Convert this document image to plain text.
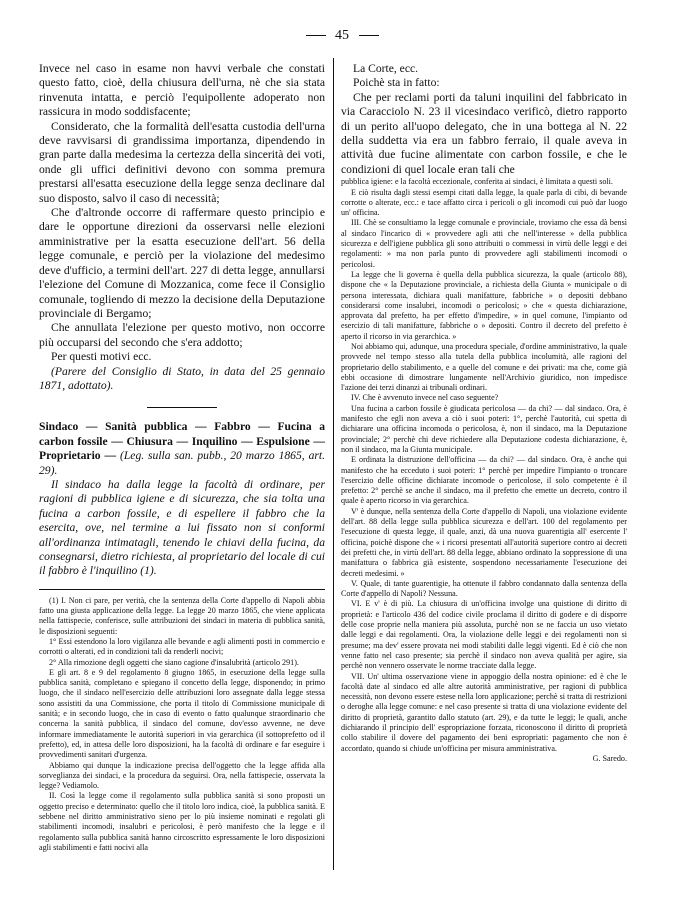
45

Invece nel caso in esame non havvi verbale che constati questo fatto, cioè, della chiusura dell'urna, nè che sia stata rinvenuta intatta, e perciò l'equipollente adoperato non rassicura in modo soddisfacente;

Considerato, che la formalità dell'esatta custodia dell'urna deve ravvisarsi di grandissima importanza, dipendendo in gran parte dalla medesima la certezza della sincerità dei voti, onde gli uffici definitivi devono con somma premura prestarsi all'esatta esecuzione della legge senza declinare dal suo disposto, salvo il caso di necessità;

Che d'altronde occorre di raffermare questo principio e dare le opportune direzioni da osservarsi nelle elezioni amministrative per la esatta esecuzione dell'art. 56 della legge comunale, e perciò per la violazione del medesimo deve d'ufficio, a termini dell'art. 227 di detta legge, annullarsi l'elezione del Comune di Mozzanica, come fece il Consiglio comunale, togliendo di mezzo la decisione della Deputazione provinciale di Bergamo;

Che annullata l'elezione per questo motivo, non occorre più occuparsi del secondo che s'era addotto;

Per questi motivi ecc.

(Parere del Consiglio di Stato, in data del 25 gennaio 1871, adottato).

Sindaco — Sanità pubblica — Fabbro — Fucina a carbon fossile — Chiusura — Inquilino — Espulsione — Proprietario — (Leg. sulla san. pubb., 20 marzo 1865, art. 29).

Il sindaco ha dalla legge la facoltà di ordinare, per ragioni di pubblica igiene e di sicurezza, che sia tolta una fucina a carbon fossile, e di espellere il fabbro che la esercita, ove, nel termine a lui fissato non si conformi all'ordinanza intimatagli, tenendo le chiavi della fucina, da consegnarsi, dietro richiesta, al proprietario del locale di cui il fabbro è l'inquilino (1).

(1) I. Non ci pare, per verità, che la sentenza della Corte d'appello di Napoli abbia fatto una giusta applicazione della legge. La legge 20 marzo 1865, che viene applicata nella fattispecie, conferisce, sulle attribuzioni dei sindaci in materia di pubblica sanità, le disposizioni seguenti:

1° Essi estendono la loro vigilanza alle bevande e agli alimenti posti in commercio e corrotti o alterati, ed in condizioni tali da renderli nocivi;

2° Alla rimozione degli oggetti che siano cagione d'insalubrità (articolo 291).

E gli art. 8 e 9 del regolamento 8 giugno 1865, in esecuzione della legge sulla pubblica sanità, completano e spiegano il concetto della legge, disponendo; in primo luogo, che il sindaco nell'esercizio delle attribuzioni loro assegnate dalla legge stessa sono assistiti da una Commissione, che porta il titolo di Commissione municipale di sanità; e in secondo luogo, che in caso di evento o fatto qualunque straordinario che concerna la sanità pubblica, il sindaco del comune, dov'esso avvenne, ne deve informare immediatamente le autorità superiori in via gerarchica (il sottoprefetto od il prefetto), ed, in attesa delle loro disposizioni, ha la facoltà di ordinare e far eseguire i provvedimenti sanitari d'urgenza.

Abbiamo qui dunque la indicazione precisa dell'oggetto che la legge affida alla sorveglianza dei sindaci, e la procedura da seguirsi. Ora, nella fattispecie, osservata la legge? Vediamolo.

II. Così la legge come il regolamento sulla pubblica sanità si sono proposti un oggetto preciso e determinato: quello che il titolo loro indica, cioè, la pubblica sanità. E sebbene nel diritto amministrativo sieno per lo più insieme nominati e regolati gli stabilimenti incomodi, insalubri e pericolosi, è però manifesto che la legge e il regolamento sulla pubblica sanità hanno circoscritto espressamente le loro disposizioni agli stabilimenti e fatti nocivi alla

La Corte, ecc.

Poichè sta in fatto:

Che per reclami porti da taluni inquilini del fabbricato in via Caracciolo N. 23 il vicesindaco verificò, dietro rapporto di un perito all'uopo delegato, che in una bottega al N. 22 della suddetta via era un fabbro ferraio, il quale aveva in attività due fucine alimentate con carbon fossile, e che le condizioni di quel locale eran tali che

pubblica igiene: e la facoltà eccezionale, conferita ai sindaci, è limitata a questi soli.

E ciò risulta dagli stessi esempi citati dalla legge, la quale parla di cibi, di bevande corrotte o alterate, ecc.: e tace affatto circa i pericoli o gli incomodi cui può dar luogo un' officina.

III. Chè se consultiamo la legge comunale e provinciale, troviamo che essa dà bensì al sindaco l'incarico di « provvedere agli atti che nell'interesse » della pubblica sicurezza e dell'igiene pubblica gli sono attribuiti o commessi in virtù delle leggi e dei regolamenti: » ma non parla punto di provvedere agli stabilimenti incomodi o pericolosi.

La legge che li governa è quella della pubblica sicurezza, la quale (articolo 88), dispone che « la Deputazione provinciale, a richiesta della Giunta » municipale o di persona interessata, dichiara quali manifatture, fabbriche » o depositi debbano considerarsi come insalubri, incomodi o pericolosi; » che « questa dichiarazione, approvata dal prefetto, ha per effetto d'impedire, » in quel comune, l'impianto od esercizio di tali manifatture, fabbriche o » depositi. Contro il decreto del prefetto è aperto il ricorso in via gerarchica. »

Noi abbiamo qui, adunque, una procedura speciale, d'ordine amministrativo, la quale provvede nel tempo stesso alla tutela della pubblica incolumità, alle ragioni del proprietario dello stabilimento, e a quelle del comune e dei privati: ma che, come già ebbi occasione di dimostrare lungamente nell'Archivio giuridico, non impedisce l'azione dei terzi dinanzi ai tribunali ordinari.

IV. Che è avvenuto invece nel caso seguente?

Una fucina a carbon fossile è giudicata pericolosa — da chi? — dal sindaco. Ora, è manifesto che egli non aveva a ciò i suoi poteri: 1°, perchè l'autorità, cui spetta di dichiarare una officina incomoda o pericolosa, è, non il sindaco, ma la Deputazione provinciale; 2° perchè chi deve richiedere alla Deputazione codesta dichiarazione, è, non il sindaco, ma la Giunta municipale.

E ordinata la distruzione dell'officina — da chi? — dal sindaco. Ora, è anche qui manifesto che ha ecceduto i suoi poteri: 1° perchè per impedire l'impianto o troncare l'esercizio delle officine dichiarate incomode o pericolose, il solo competente è il prefetto: 2° perchè se anche il sindaco, ma il prefetto che emette un decreto, contro il quale è aperto ricorso in via gerarchica.

V' è dunque, nella sentenza della Corte d'appello di Napoli, una violazione evidente dell'art. 88 della legge sulla pubblica sicurezza e dell'art. 100 del regolamento per l'esecuzione di questa legge, il quale, anzi, dà una nuova guarentigia all' esercente l' officina, poichè dispone che « i ricorsi presentati all'autorità superiore contro ai decreti dei prefetti che, in virtù dell'art. 88 della legge, abbiano ordinato la soppressione di una manifattura o fabbrica già esistente, sospendono necessariamente l'esecuzione dei decreti medesimi. »

V. Quale, di tante guarentigie, ha ottenute il fabbro condannato dalla sentenza della Corte d'appello di Napoli? Nessuna.

VI. E v' è di più. La chiusura di un'officina involge una quistione di diritto di proprietà: e l'articolo 436 del codice civile proclama il diritto di godere e di disporre delle cose proprie nella maniera più assoluta, purchè non se ne faccia un uso vietato dalle leggi e dai regolamenti. Ora, la violazione delle leggi e dei regolamenti non si presume; ma dev' essere provata nei modi stabiliti dalle leggi vigenti. Ed è ciò che non venne fatto nel caso presente; sia perchè il sindaco non aveva qualità per agire, sia perchè non vennero osservate le norme tracciate dalla legge.

VII. Un' ultima osservazione viene in appoggio della nostra opinione: ed è che le facoltà date al sindaco ed alle altre autorità amministrative, per ragioni di pubblica necessità, non devono essere estese nella loro applicazione; perchè si tratta di restrizioni o deroghe alla legge comune: e nel caso presente si tratta di una violazione evidente del diritto di proprietà, garantito dallo statuto (art. 29), e da tutte le leggi; le quali, anche dichiarando il principio dell' espropriazione forzata, riconoscono il diritto di proprietà collo stabilire il dovere del pagamento dei beni espropriati: pagamento che non è accordato, quando si chiude un'officina per misura amministrativa.

G. Saredo.
